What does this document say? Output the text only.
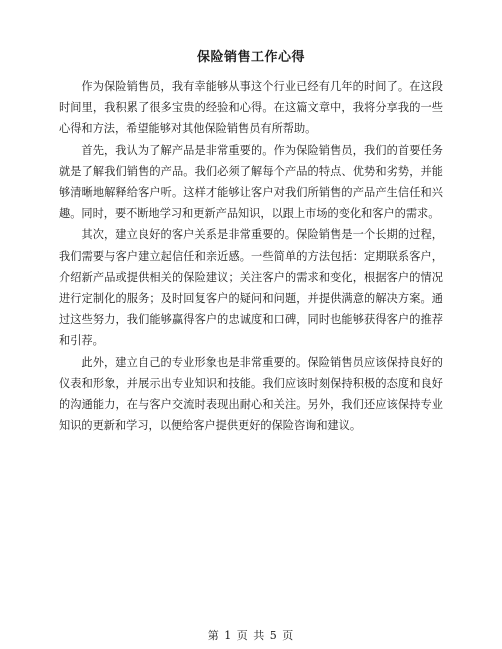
保险销售工作心得

作为保险销售员，我有幸能够从事这个行业已经有几年的时间了。在这段时间里，我积累了很多宝贵的经验和心得。在这篇文章中，我将分享我的一些心得和方法，希望能够对其他保险销售员有所帮助。

首先，我认为了解产品是非常重要的。作为保险销售员，我们的首要任务就是了解我们销售的产品。我们必须了解每个产品的特点、优势和劣势，并能够清晰地解释给客户听。这样才能够让客户对我们所销售的产品产生信任和兴趣。同时，要不断地学习和更新产品知识，以跟上市场的变化和客户的需求。

其次，建立良好的客户关系是非常重要的。保险销售是一个长期的过程，我们需要与客户建立起信任和亲近感。一些简单的方法包括：定期联系客户，介绍新产品或提供相关的保险建议；关注客户的需求和变化，根据客户的情况进行定制化的服务；及时回复客户的疑问和问题，并提供满意的解决方案。通过这些努力，我们能够赢得客户的忠诚度和口碑，同时也能够获得客户的推荐和引荐。

此外，建立自己的专业形象也是非常重要的。保险销售员应该保持良好的仪表和形象，并展示出专业知识和技能。我们应该时刻保持积极的态度和良好的沟通能力，在与客户交流时表现出耐心和关注。另外，我们还应该保持专业知识的更新和学习，以便给客户提供更好的保险咨询和建议。

第 1 页 共 5 页
